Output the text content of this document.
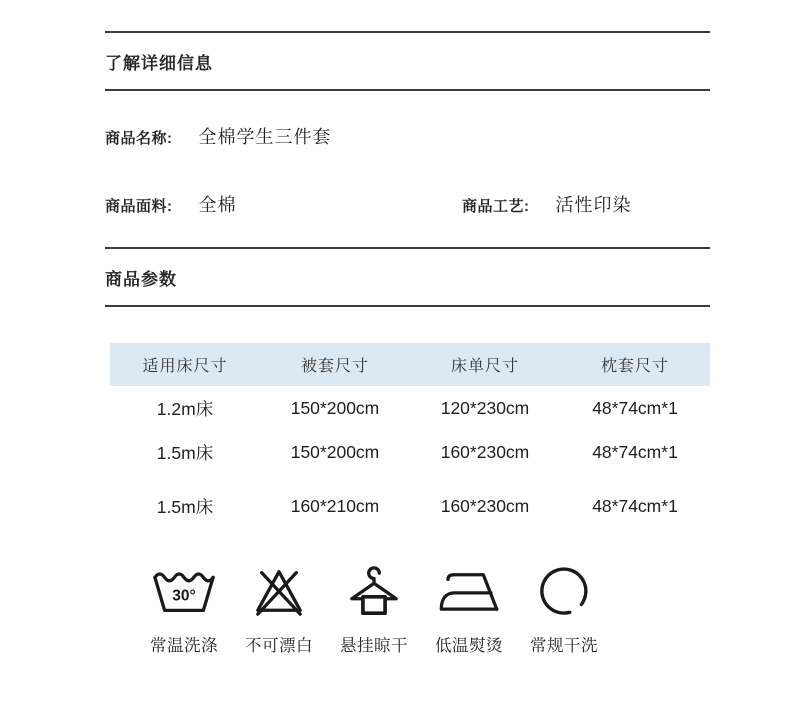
了解详细信息
商品名称: 全棉学生三件套
商品面料: 全棉	商品工艺: 活性印染
商品参数
适用床尺寸	被套尺寸	床单尺寸	枕套尺寸
1.2m床	150*200cm	120*230cm	48*74cm*1
1.5m床	150*200cm	160*230cm	48*74cm*1
1.5m床	160*210cm	160*230cm	48*74cm*1
30°
常温洗涤 不可漂白 悬挂晾干 低温熨烫 常规干洗
